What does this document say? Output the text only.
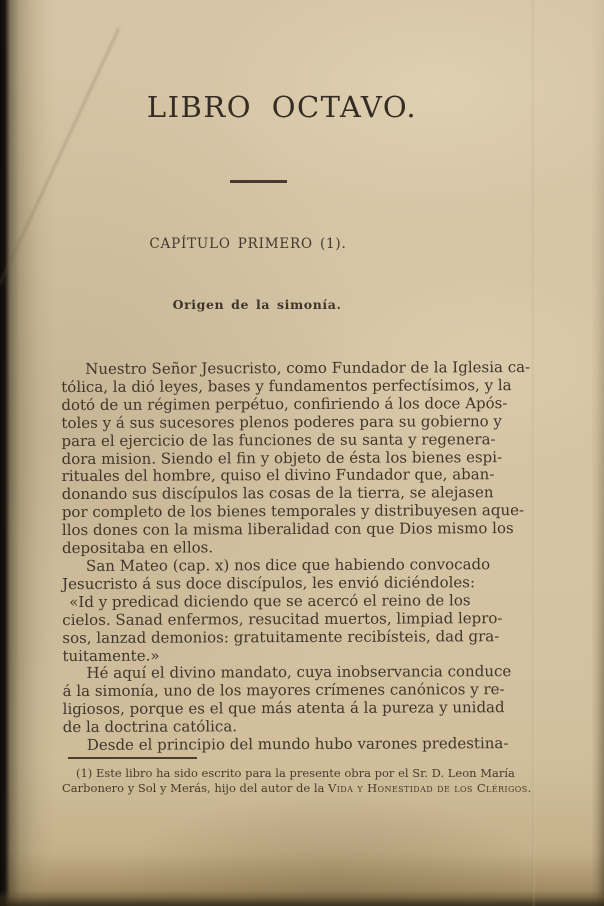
LIBRO OCTAVO.
CAPÍTULO PRIMERO (1).
Origen de la simonía.

Nuestro Señor Jesucristo, como Fundador de la Iglesia ca-
tólica, la dió leyes, bases y fundamentos perfectísimos, y la
dotó de un régimen perpétuo, confiriendo á los doce Após-
toles y á sus sucesores plenos poderes para su gobierno y
para el ejercicio de las funciones de su santa y regenera-
dora mision. Siendo el fin y objeto de ésta los bienes espi-
rituales del hombre, quiso el divino Fundador que, aban-
donando sus discípulos las cosas de la tierra, se alejasen
por completo de los bienes temporales y distribuyesen aque-
llos dones con la misma liberalidad con que Dios mismo los
depositaba en ellos.

San Mateo (cap. x) nos dice que habiendo convocado
Jesucristo á sus doce discípulos, les envió diciéndoles:

«Id y predicad diciendo que se acercó el reino de los
cielos. Sanad enfermos, resucitad muertos, limpiad lepro-
sos, lanzad demonios: gratuitamente recibísteis, dad gra-
tuitamente.»

Hé aquí el divino mandato, cuya inobservancia conduce
á la simonía, uno de los mayores crímenes canónicos y re-
ligiosos, porque es el que más atenta á la pureza y unidad
de la doctrina católica.

Desde el principio del mundo hubo varones predestina-

(1) Este libro ha sido escrito para la presente obra por el Sr. D. Leon María
Carbonero y Sol y Merás, hijo del autor de la Vida y Honestidad de los Clérigos.
